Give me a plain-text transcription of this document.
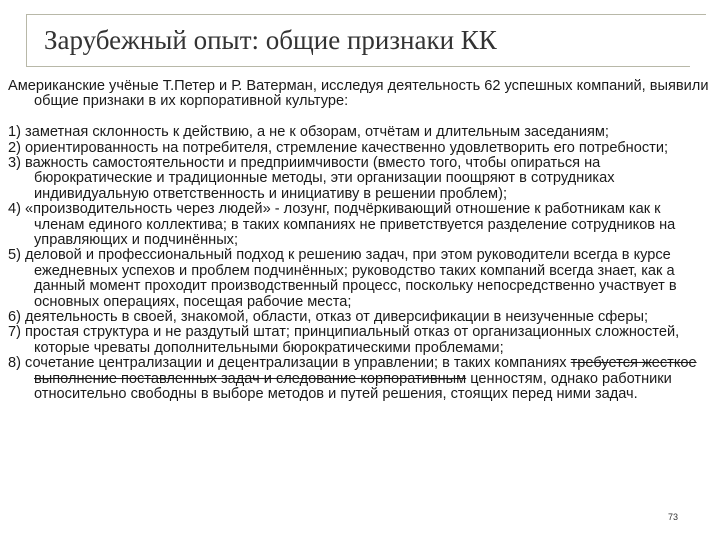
Зарубежный опыт: общие признаки КК

Американские учёные Т.Петер и Р. Ватерман, исследуя деятельность 62 успешных компаний, выявили общие признаки в их корпоративной культуре:

1) заметная склонность к действию, а не к обзорам, отчётам и длительным заседаниям;

2) ориентированность на потребителя, стремление качественно удовлетворить его потребности;

3) важность самостоятельности и предприимчивости (вместо того, чтобы опираться на бюрократические и традиционные методы, эти организации поощряют в сотрудниках индивидуальную ответственность и инициативу в решении проблем);

4) «производительность через людей» - лозунг, подчёркивающий отношение к работникам как к членам единого коллектива; в таких компаниях не приветствуется разделение сотрудников на управляющих и подчинённых;

5) деловой и профессиональный подход к решению задач, при этом руководители всегда в курсе ежедневных успехов и проблем подчинённых; руководство таких компаний всегда знает, как а данный момент проходит производственный процесс, поскольку непосредственно участвует в основных операциях, посещая рабочие места;

6) деятельность в своей, знакомой, области, отказ от диверсификации в неизученные сферы;

7) простая структура и не раздутый штат; принципиальный отказ от организационных сложностей, которые чреваты дополнительными бюрократическими проблемами;

8) сочетание централизации и децентрализации в управлении; в таких компаниях требуется жесткое выполнение поставленных задач и следование корпоративным ценностям, однако работники относительно свободны в выборе методов и путей решения, стоящих перед ними задач.

73
